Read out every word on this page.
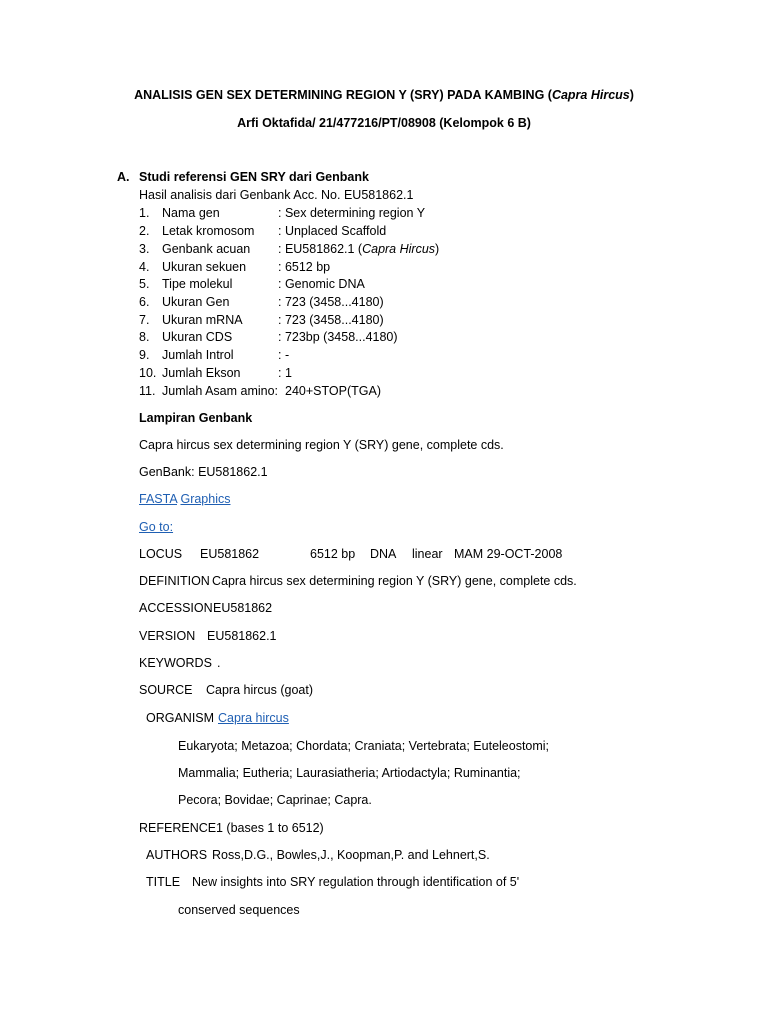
ANALISIS GEN SEX DETERMINING REGION Y (SRY) PADA KAMBING (Capra Hircus)
Arfi Oktafida/ 21/477216/PT/08908 (Kelompok 6 B)
A. Studi referensi GEN SRY dari Genbank
Hasil analisis dari Genbank Acc. No. EU581862.1
1. Nama gen	: Sex determining region Y
2. Letak kromosom : Unplaced Scaffold
3. Genbank acuan : EU581862.1 (Capra Hircus)
4. Ukuran sekuen	: 6512 bp
5. Tipe molekul	: Genomic DNA
6. Ukuran Gen	: 723 (3458...4180)
7. Ukuran mRNA	: 723 (3458...4180)
8. Ukuran CDS	: 723bp (3458...4180)
9. Jumlah Introl	: -
10. Jumlah Ekson	: 1
11. Jumlah Asam amino: 240+STOP(TGA)
Lampiran Genbank
Capra hircus sex determining region Y (SRY) gene, complete cds.
GenBank: EU581862.1
FASTA Graphics
Go to:
LOCUS EU581862	6512 bp DNA linear MAM 29-OCT-2008
DEFINITION Capra hircus sex determining region Y (SRY) gene, complete cds.
ACCESSION EU581862
VERSION EU581862.1
KEYWORDS .
SOURCE Capra hircus (goat)
ORGANISM Capra hircus
Eukaryota; Metazoa; Chordata; Craniata; Vertebrata; Euteleostomi;
Mammalia; Eutheria; Laurasiatheria; Artiodactyla; Ruminantia;
Pecora; Bovidae; Caprinae; Capra.
REFERENCE 1 (bases 1 to 6512)
AUTHORS Ross,D.G., Bowles,J., Koopman,P. and Lehnert,S.
TITLE New insights into SRY regulation through identification of 5'
conserved sequences
